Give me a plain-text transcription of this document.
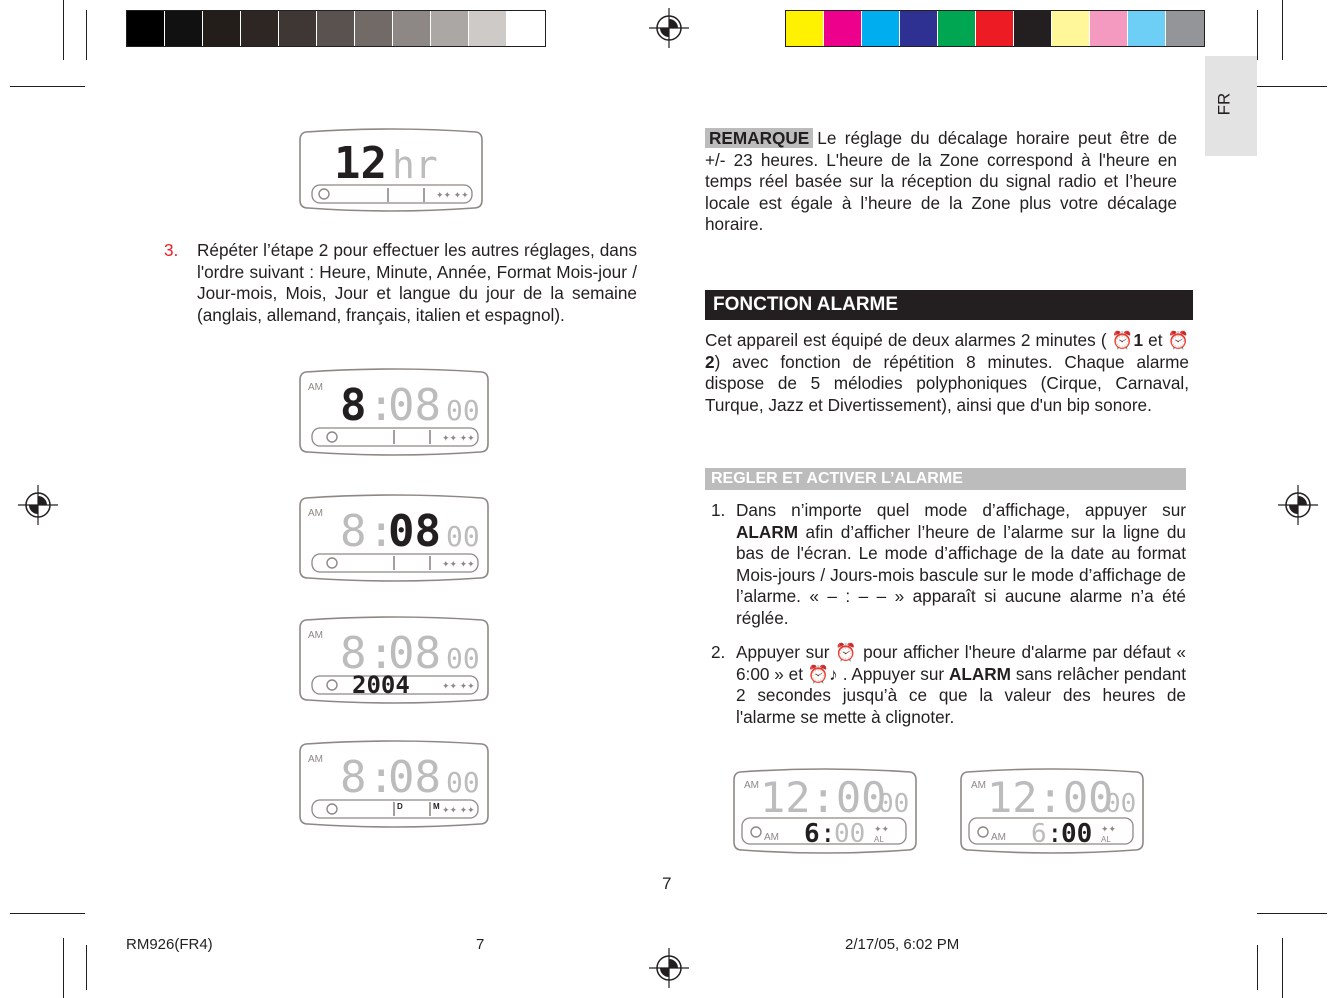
FR
✦✦ ✦✦
12 hr
3. Répéter l’étape 2 pour effectuer les autres réglages, dans l'ordre suivant : Heure, Minute, Année, Format Mois-jour / Jour-mois, Mois, Jour et langue du jour de la semaine (anglais, allemand, français, italien et espagnol).
✦✦ ✦✦
AM 8 :
08 00
✦✦ ✦✦
AM 8 :
08 00
✦✦ ✦✦
AM 8 :
08 00
2004
D	M ✦✦ ✦✦
AM 8 :
08 00
REMARQUE Le réglage du décalage horaire peut être de +/- 23 heures. L'heure de la Zone correspond à l'heure en temps réel basée sur la réception du signal radio et l’heure locale est égale à l’heure de la Zone plus votre décalage horaire.
FONCTION ALARME
Cet appareil est équipé de deux alarmes 2 minutes ( ⏰1 et ⏰2) avec fonction de répétition 8 minutes. Chaque alarme dispose de 5 mélodies polyphoniques (Cirque, Carnaval, Turque, Jazz et Divertissement), ainsi que d'un bip sonore.
REGLER ET ACTIVER L’ALARME
1. Dans n’importe quel mode d’affichage, appuyer sur ALARM afin d’afficher l’heure de l’alarme sur la ligne du bas de l'écran. Le mode d’affichage de la date au format Mois-jours / Jours-mois bascule sur le mode d’affichage de l’alarme. « – : – – » apparaît si aucune alarme n’a été réglée.
2. Appuyer sur ⏰ pour afficher l'heure d'alarme par défaut « 6:00 » et ⏰♪ . Appuyer sur ALARM sans relâcher pendant 2 secondes jusqu’à ce que la valeur des heures de l'alarme se mette à clignoter.
AM 12:00
00
AM 6 :
00 ✦✦
AL
AM 12:00
00
AM 6 :
00 ✦✦
AL
7
RM926(FR4)	7	2/17/05, 6:02 PM
